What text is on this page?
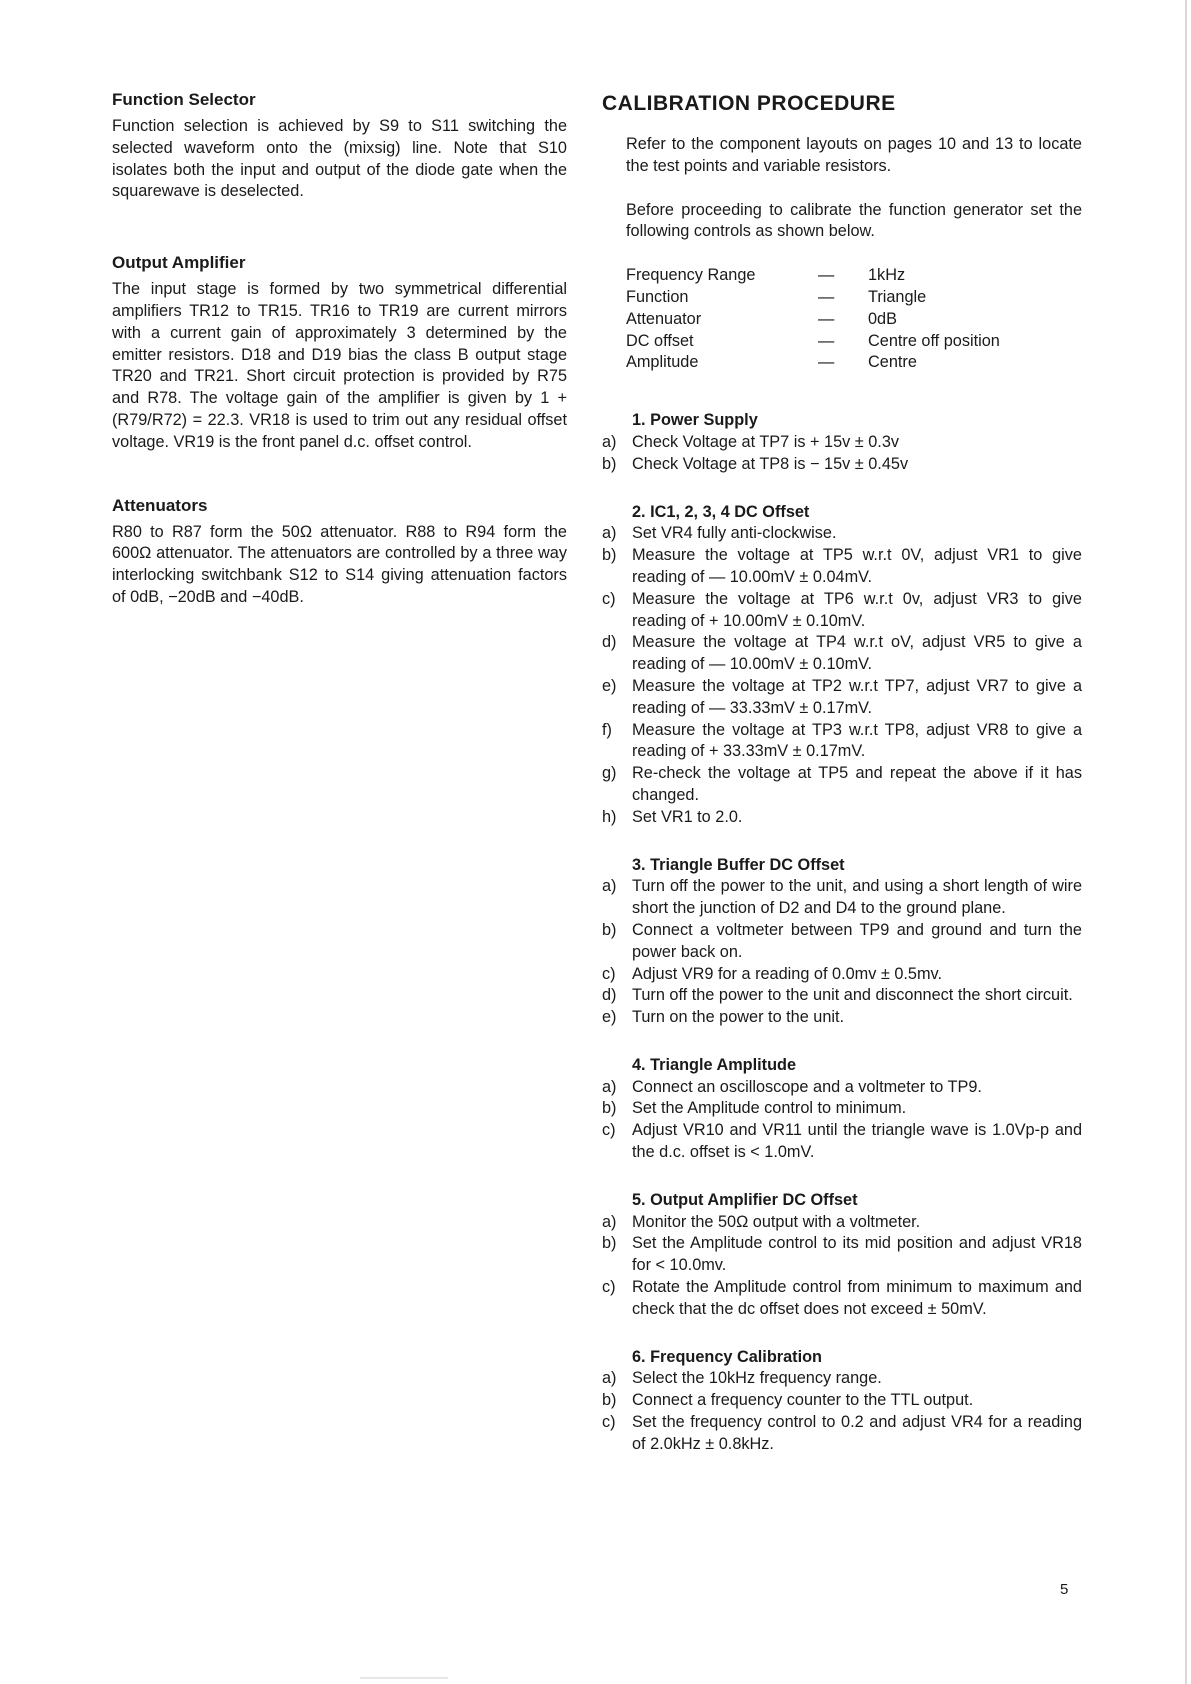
Function Selector

Function selection is achieved by S9 to S11 switching the selected waveform onto the (mixsig) line. Note that S10 isolates both the input and output of the diode gate when the squarewave is deselected.

Output Amplifier

The input stage is formed by two symmetrical differential amplifiers TR12 to TR15. TR16 to TR19 are current mirrors with a current gain of approximately 3 determined by the emitter resistors. D18 and D19 bias the class B output stage TR20 and TR21. Short circuit protection is provided by R75 and R78. The voltage gain of the amplifier is given by 1 + (R79/R72) = 22.3. VR18 is used to trim out any residual offset voltage. VR19 is the front panel d.c. offset control.

Attenuators

R80 to R87 form the 50Ω attenuator. R88 to R94 form the 600Ω attenuator. The attenuators are controlled by a three way interlocking switchbank S12 to S14 giving attenuation factors of 0dB, −20dB and −40dB.

CALIBRATION PROCEDURE

Refer to the component layouts on pages 10 and 13 to locate the test points and variable resistors.

Before proceeding to calibrate the function generator set the following controls as shown below.

Frequency Range	—	1kHz
Function	—	Triangle
Attenuator	—	0dB
DC offset	—	Centre off position
Amplitude	—	Centre
1. Power Supply
a) Check Voltage at TP7 is + 15v ± 0.3v
b) Check Voltage at TP8 is − 15v ± 0.45v
2. IC1, 2, 3, 4 DC Offset
a) Set VR4 fully anti-clockwise.
b) Measure the voltage at TP5 w.r.t 0V, adjust VR1 to give reading of — 10.00mV ± 0.04mV.
c)	Measure the voltage at TP6 w.r.t 0v, adjust VR3 to give reading of + 10.00mV ± 0.10mV.
d) Measure the voltage at TP4 w.r.t oV, adjust VR5 to give a reading of — 10.00mV ± 0.10mV.
e) Measure the voltage at TP2 w.r.t TP7, adjust VR7 to give a reading of — 33.33mV ± 0.17mV.
f)	Measure the voltage at TP3 w.r.t TP8, adjust VR8 to give a reading of + 33.33mV ± 0.17mV.
g) Re-check the voltage at TP5 and repeat the above if it has changed.
h) Set VR1 to 2.0.
3. Triangle Buffer DC Offset
a) Turn off the power to the unit, and using a short length of wire short the junction of D2 and D4 to the ground plane.
b) Connect a voltmeter between TP9 and ground and turn the power back on.
c)	Adjust VR9 for a reading of 0.0mv ± 0.5mv.
d) Turn off the power to the unit and disconnect the short circuit.
e) Turn on the power to the unit.
4. Triangle Amplitude
a) Connect an oscilloscope and a voltmeter to TP9.
b) Set the Amplitude control to minimum.
c)	Adjust VR10 and VR11 until the triangle wave is 1.0Vp-p and the d.c. offset is < 1.0mV.
5. Output Amplifier DC Offset
a) Monitor the 50Ω output with a voltmeter.
b) Set the Amplitude control to its mid position and adjust VR18 for < 10.0mv.
c)	Rotate the Amplitude control from minimum to maximum and check that the dc offset does not exceed ± 50mV.
6. Frequency Calibration
a) Select the 10kHz frequency range.
b) Connect a frequency counter to the TTL output.
c)	Set the frequency control to 0.2 and adjust VR4 for a reading of 2.0kHz ± 0.8kHz.
5
